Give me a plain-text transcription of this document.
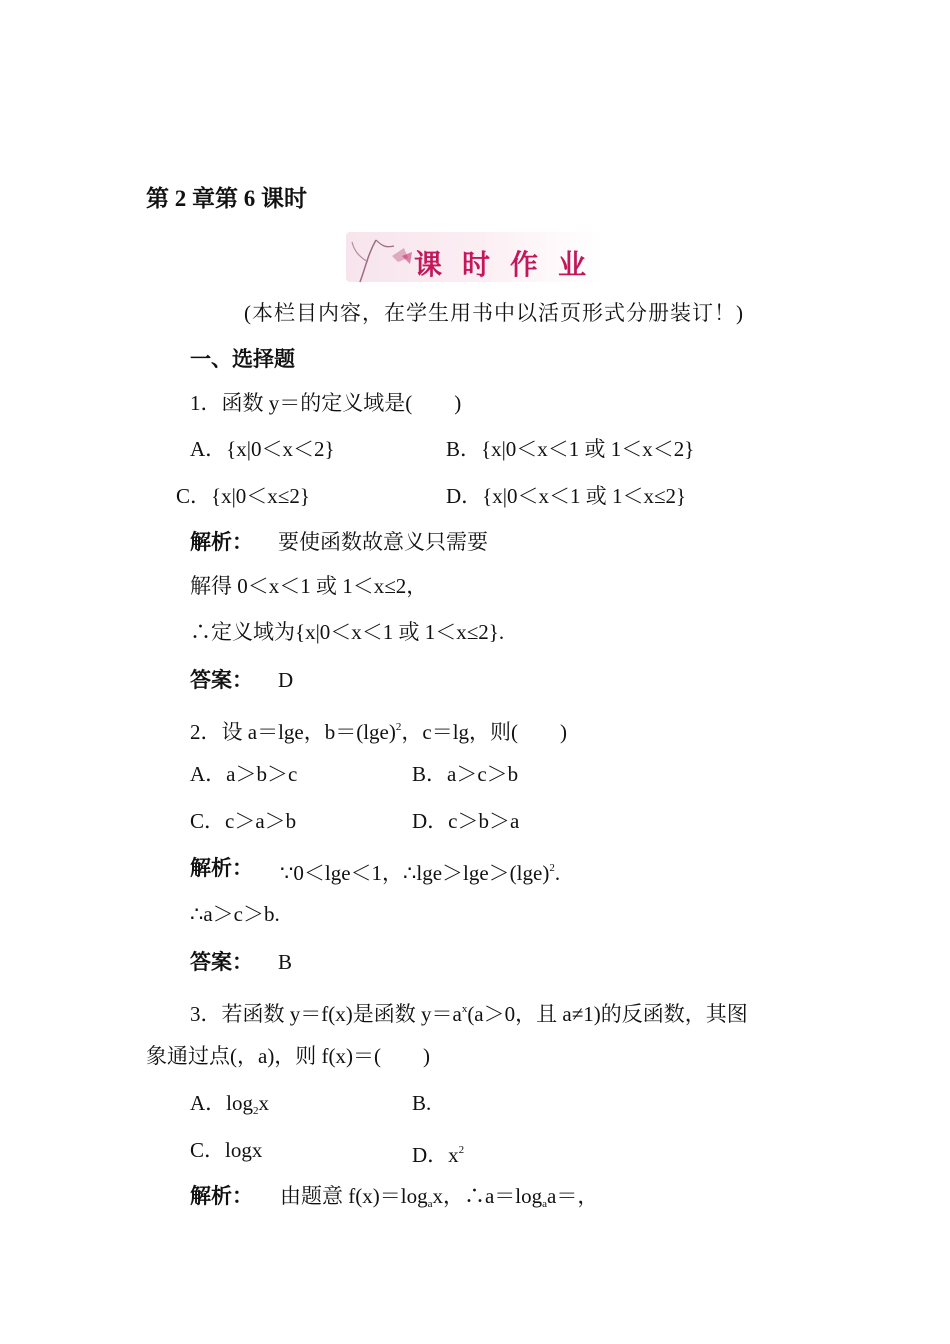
第 2 章第 6 课时
课时作业
(本栏目内容，在学生用书中以活页形式分册装订！)
一、选择题
1．函数 y＝的定义域是(　　)
A．{x|0＜x＜2}	B．{x|0＜x＜1 或 1＜x＜2}
C．{x|0＜x≤2}	D．{x|0＜x＜1 或 1＜x≤2}
解析： 要使函数故意义只需要
解得 0＜x＜1 或 1＜x≤2，
∴定义域为{x|0＜x＜1 或 1＜x≤2}.
答案： D
2．设 a＝lge，$b=(\lg e)^2$，c＝lg，则(　　)
A．a＞b＞c	B．a＞c＞b
C．c＞a＞b	D．c＞b＞a
解析： ∵0＜lge＜1，$\therefore\lg e>\lg e>(\lg e)^2$.
∴a＞c＞b.
答案： B
3．若函数 y＝f(x)是函数 $y=a^x(a>0$，且 a≠1)的反函数，其图
象通过点(，a)，则 f(x)＝(　　)
A．$\log_2x$	B.
C．logx	D．$x^2$
解析： 由题意 $f(x)=\log_ax$，$\therefore a=\log_aa=$，
